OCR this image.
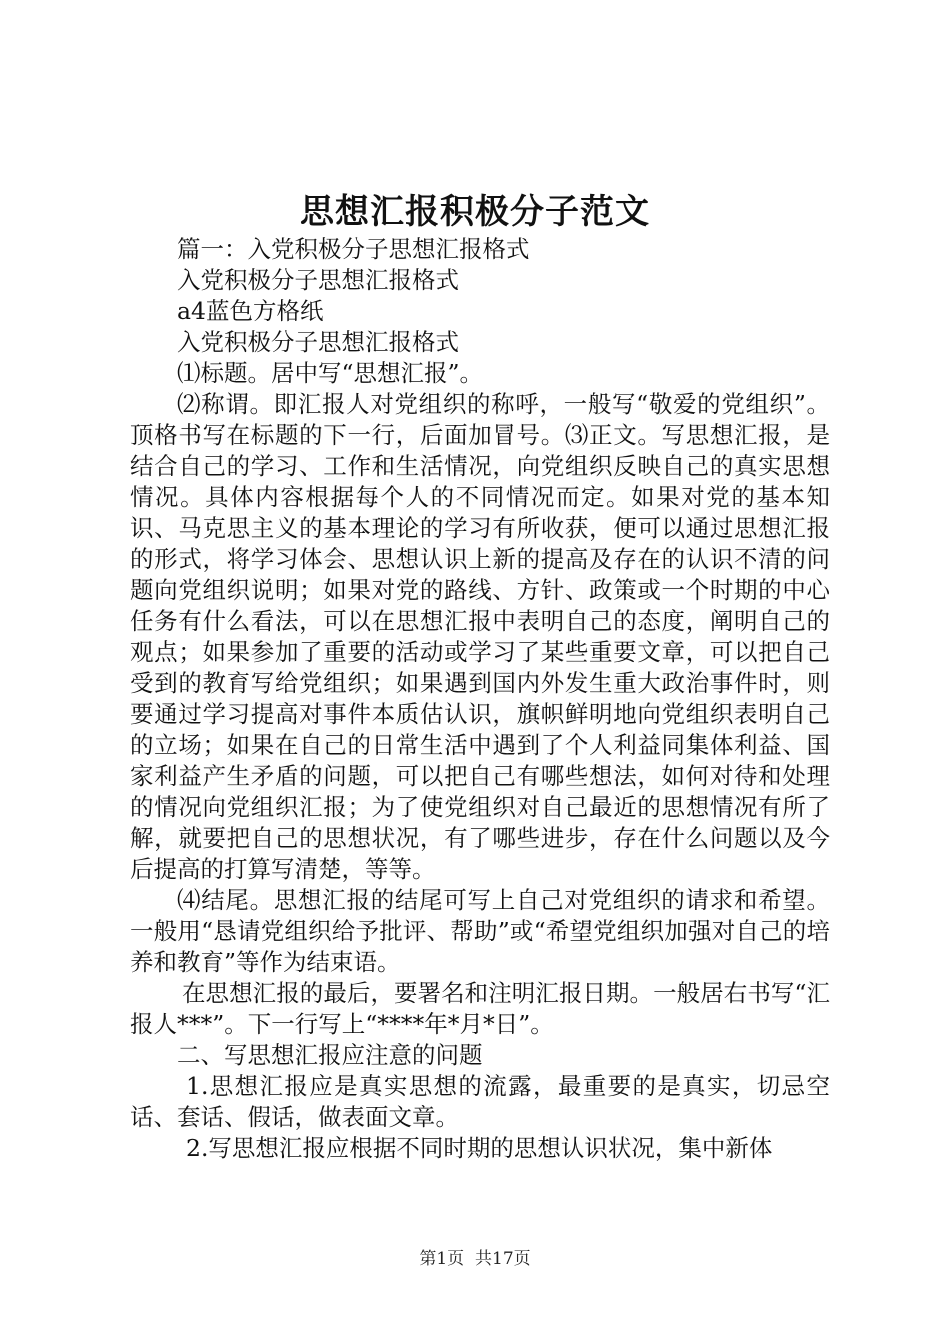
思想汇报积极分子范文

篇一：入党积极分子思想汇报格式

入党积极分子思想汇报格式

a4蓝色方格纸

入党积极分子思想汇报格式

⑴标题。居中写“思想汇报”。

⑵称谓。即汇报人对党组织的称呼，一般写“敬爱的党组织”。顶格书写在标题的下一行，后面加冒号。⑶正文。写思想汇报，是结合自己的学习、工作和生活情况，向党组织反映自己的真实思想情况。具体内容根据每个人的不同情况而定。如果对党的基本知识、马克思主义的基本理论的学习有所收获，便可以通过思想汇报的形式，将学习体会、思想认识上新的提高及存在的认识不清的问题向党组织说明；如果对党的路线、方针、政策或一个时期的中心任务有什么看法，可以在思想汇报中表明自己的态度，阐明自己的观点；如果参加了重要的活动或学习了某些重要文章，可以把自己受到的教育写给党组织；如果遇到国内外发生重大政治事件时，则要通过学习提高对事件本质估认识，旗帜鲜明地向党组织表明自己的立场；如果在自己的日常生活中遇到了个人利益同集体利益、国家利益产生矛盾的问题，可以把自己有哪些想法，如何对待和处理的情况向党组织汇报；为了使党组织对自己最近的思想情况有所了解，就要把自己的思想状况，有了哪些进步，存在什么问题以及今后提高的打算写清楚，等等。

⑷结尾。思想汇报的结尾可写上自己对党组织的请求和希望。一般用“恳请党组织给予批评、帮助”或“希望党组织加强对自己的培养和教育”等作为结束语。

在思想汇报的最后，要署名和注明汇报日期。一般居右书写“汇报人***”。下一行写上“****年*月*日”。

二、写思想汇报应注意的问题

1.思想汇报应是真实思想的流露，最重要的是真实，切忌空话、套话、假话，做表面文章。

2.写思想汇报应根据不同时期的思想认识状况，集中新体

第1页 共17页
